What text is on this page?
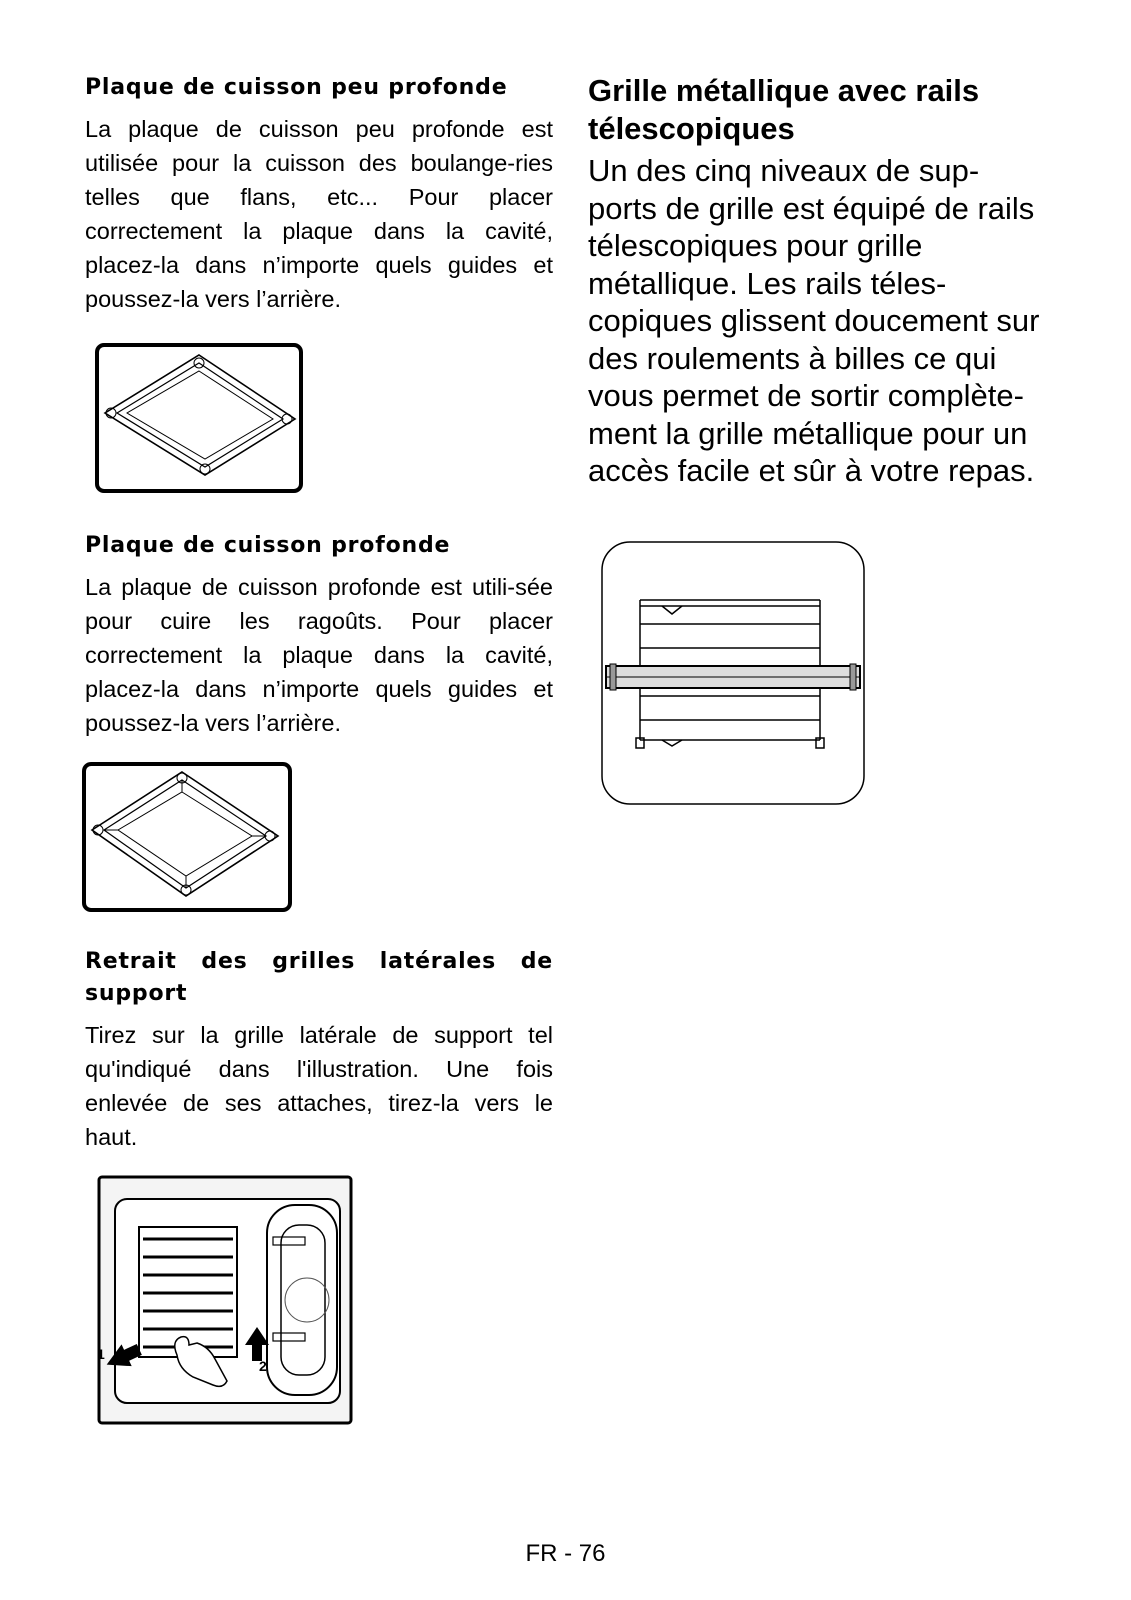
Plaque de cuisson peu profonde

La plaque de cuisson peu profonde est utilisée pour la cuisson des boulange-ries telles que flans, etc... Pour placer correctement la plaque dans la cavité, placez-la dans n’importe quels guides et poussez-la vers l’arrière.

Plaque de cuisson profonde

La plaque de cuisson profonde est utili-sée pour cuire les ragoûts. Pour placer correctement la plaque dans la cavité, placez-la dans n’importe quels guides et poussez-la vers l’arrière.

Retrait des grilles latérales de support

Tirez sur la grille latérale de support tel qu'indiqué dans l'illustration. Une fois enlevée de ses attaches, tirez-la vers le haut.

1
2
Grille métallique avec rails télescopiques

Un des cinq niveaux de sup-ports de grille est équipé de rails télescopiques pour grille métallique. Les rails téles-copiques glissent doucement sur des roulements à billes ce qui vous permet de sortir complète-ment la grille métallique pour un accès facile et sûr à votre repas.

FR - 76
